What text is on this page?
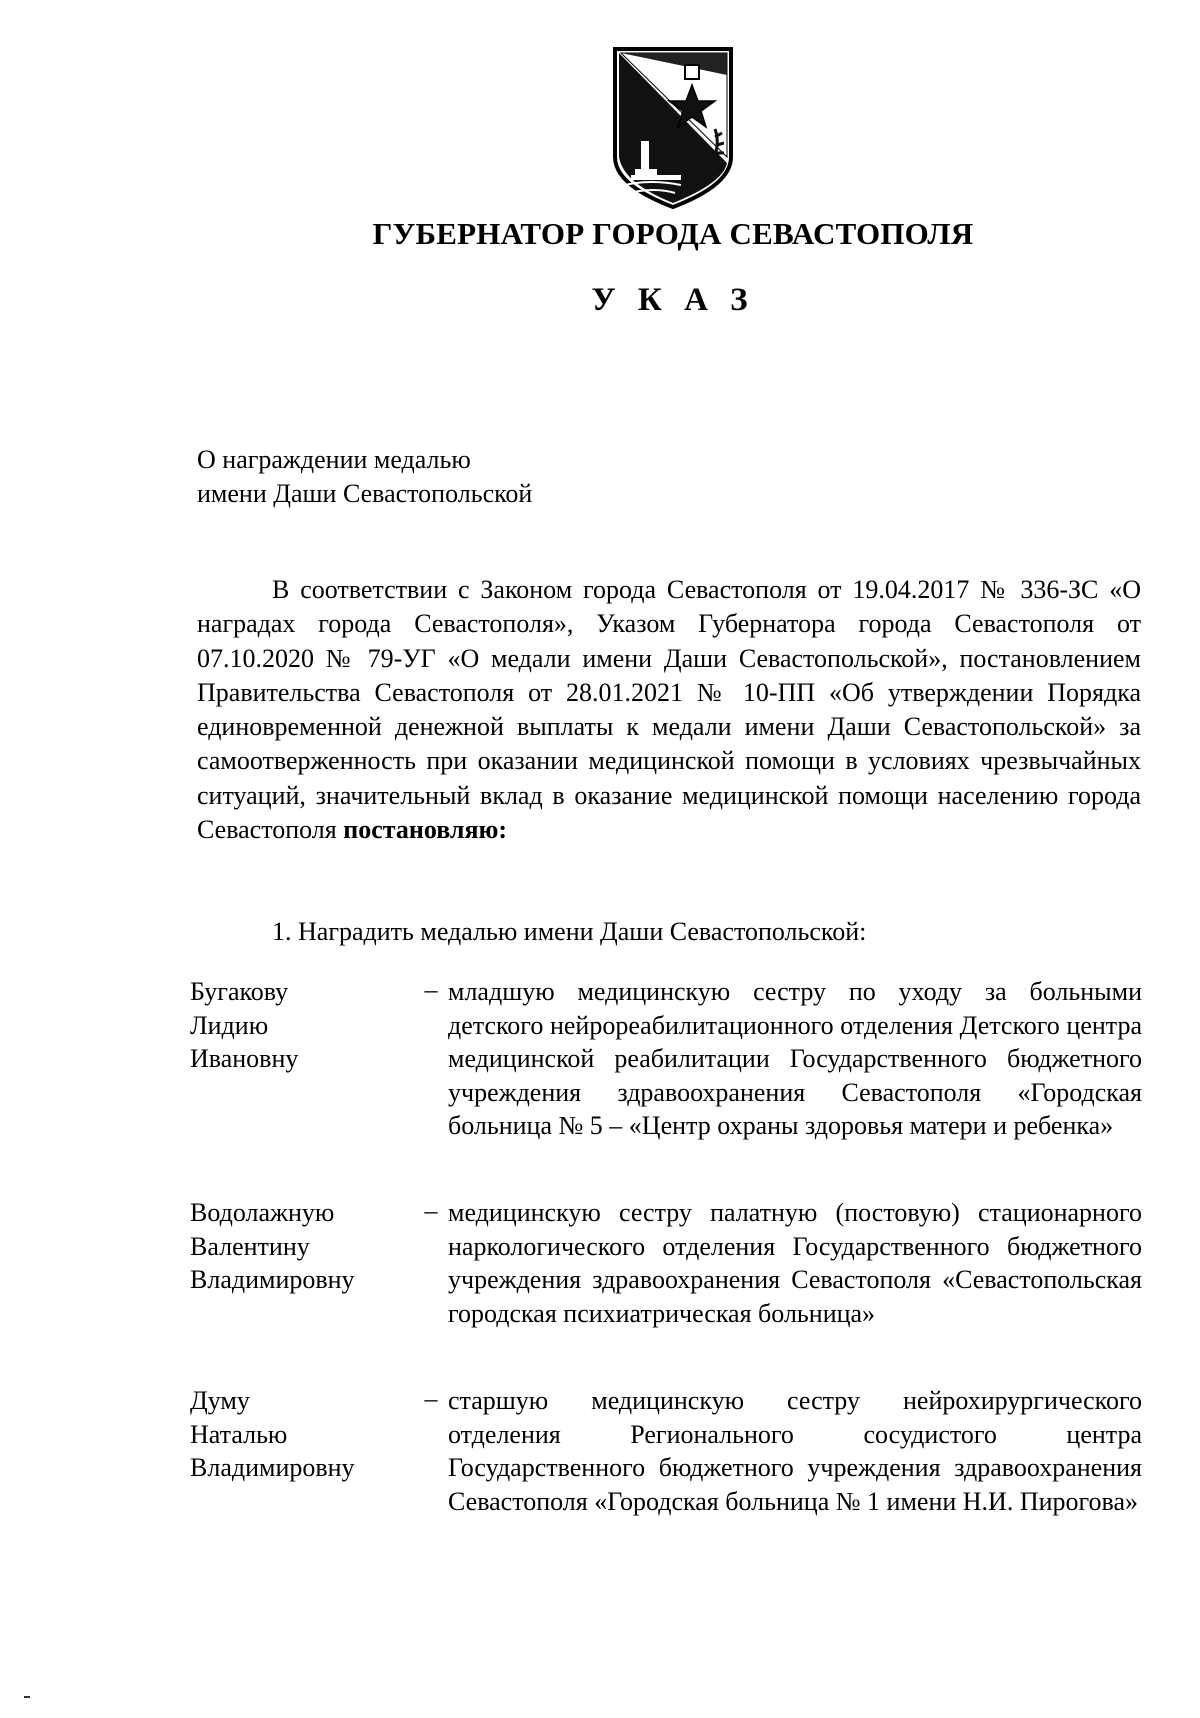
ГУБЕРНАТОР ГОРОДА СЕВАСТОПОЛЯ
У К А З
О награждении медалью
имени Даши Севастопольской
В соответствии с Законом города Севастополя от 19.04.2017 № 336-ЗС «О наградах города Севастополя», Указом Губернатора города Севастополя от 07.10.2020 № 79-УГ «О медали имени Даши Севастопольской», постановлением Правительства Севастополя от 28.01.2021 № 10-ПП «Об утверждении Порядка единовременной денежной выплаты к медали имени Даши Севастопольской» за самоотверженность при оказании медицинской помощи в условиях чрезвычайных ситуаций, значительный вклад в оказание медицинской помощи населению города Севастополя постановляю:
1. Наградить медалью имени Даши Севастопольской:
Бугакову
Лидию
Ивановну
– младшую медицинскую сестру по уходу за больными детского нейрореабилитационного отделения Детского центра медицинской реабилитации Государственного бюджетного учреждения здравоохранения Севастополя «Городская больница № 5 – «Центр охраны здоровья матери и ребенка»
Водолажную
Валентину
Владимировну
– медицинскую сестру палатную (постовую) стационарного наркологического отделения Государственного бюджетного учреждения здравоохранения Севастополя «Севастопольская городская психиатрическая больница»
Думу
Наталью
Владимировну
– старшую медицинскую сестру нейрохирургического отделения Регионального сосудистого центра Государственного бюджетного учреждения здравоохранения Севастополя «Городская больница № 1 имени Н.И. Пирогова»
